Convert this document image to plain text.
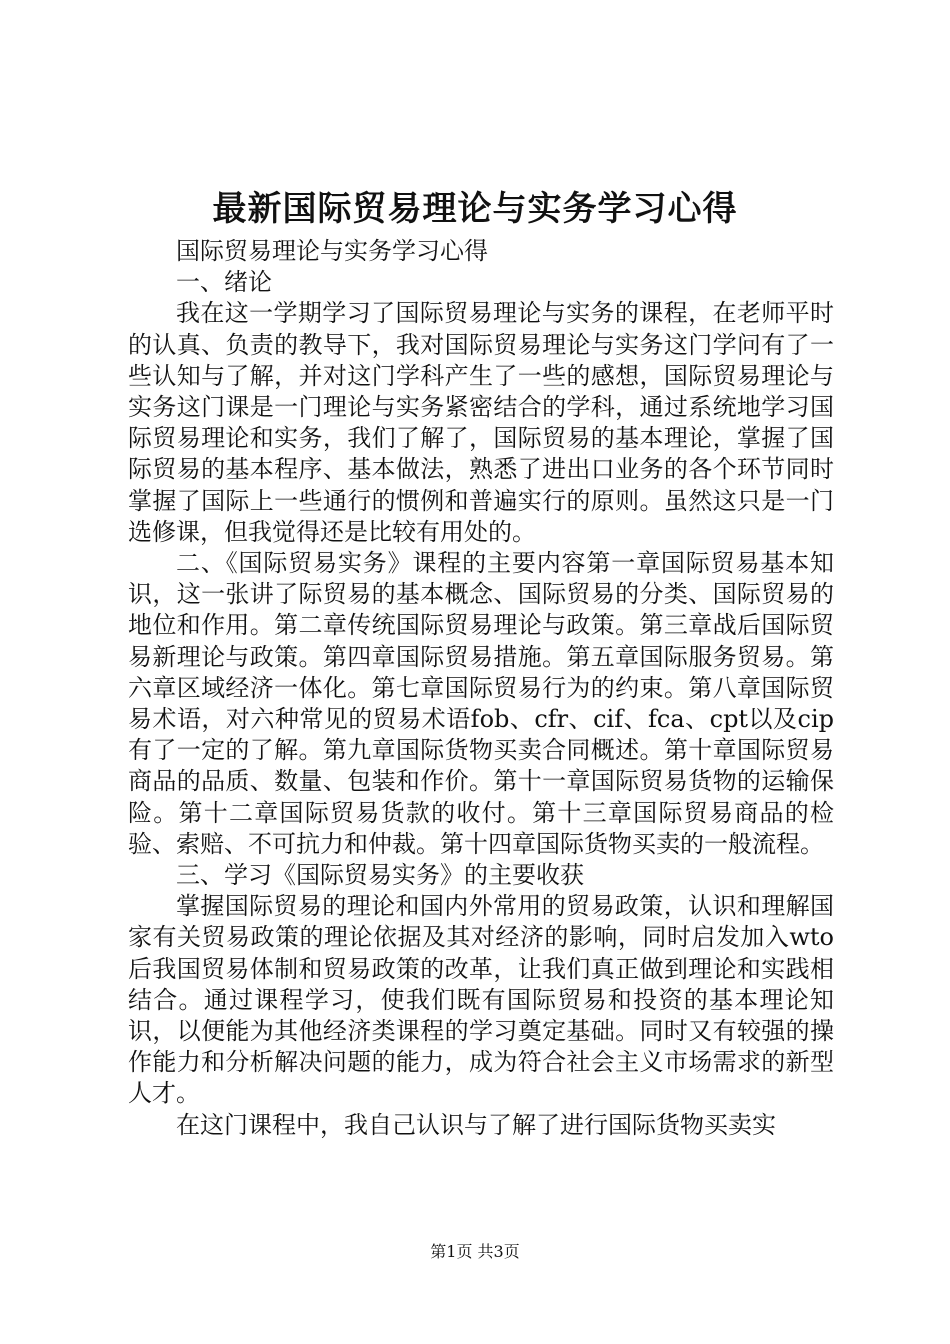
最新国际贸易理论与实务学习心得

国际贸易理论与实务学习心得

一、绪论

我在这一学期学习了国际贸易理论与实务的课程，在老师平时的认真、负责的教导下，我对国际贸易理论与实务这门学问有了一些认知与了解，并对这门学科产生了一些的感想，国际贸易理论与实务这门课是一门理论与实务紧密结合的学科，通过系统地学习国际贸易理论和实务，我们了解了，国际贸易的基本理论，掌握了国际贸易的基本程序、基本做法，熟悉了进出口业务的各个环节同时掌握了国际上一些通行的惯例和普遍实行的原则。虽然这只是一门选修课，但我觉得还是比较有用处的。

二、《国际贸易实务》课程的主要内容第一章国际贸易基本知识，这一张讲了际贸易的基本概念、国际贸易的分类、国际贸易的地位和作用。第二章传统国际贸易理论与政策。第三章战后国际贸易新理论与政策。第四章国际贸易措施。第五章国际服务贸易。第六章区域经济一体化。第七章国际贸易行为的约束。第八章国际贸易术语，对六种常见的贸易术语fob、cfr、cif、fca、cpt以及cip有了一定的了解。第九章国际货物买卖合同概述。第十章国际贸易商品的品质、数量、包装和作价。第十一章国际贸易货物的运输保险。第十二章国际贸易货款的收付。第十三章国际贸易商品的检验、索赔、不可抗力和仲裁。第十四章国际货物买卖的一般流程。

三、学习《国际贸易实务》的主要收获

掌握国际贸易的理论和国内外常用的贸易政策，认识和理解国家有关贸易政策的理论依据及其对经济的影响，同时启发加入wto后我国贸易体制和贸易政策的改革，让我们真正做到理论和实践相结合。通过课程学习，使我们既有国际贸易和投资的基本理论知识，以便能为其他经济类课程的学习奠定基础。同时又有较强的操作能力和分析解决问题的能力，成为符合社会主义市场需求的新型人才。

在这门课程中，我自己认识与了解了进行国际货物买卖实

第1页 共3页
